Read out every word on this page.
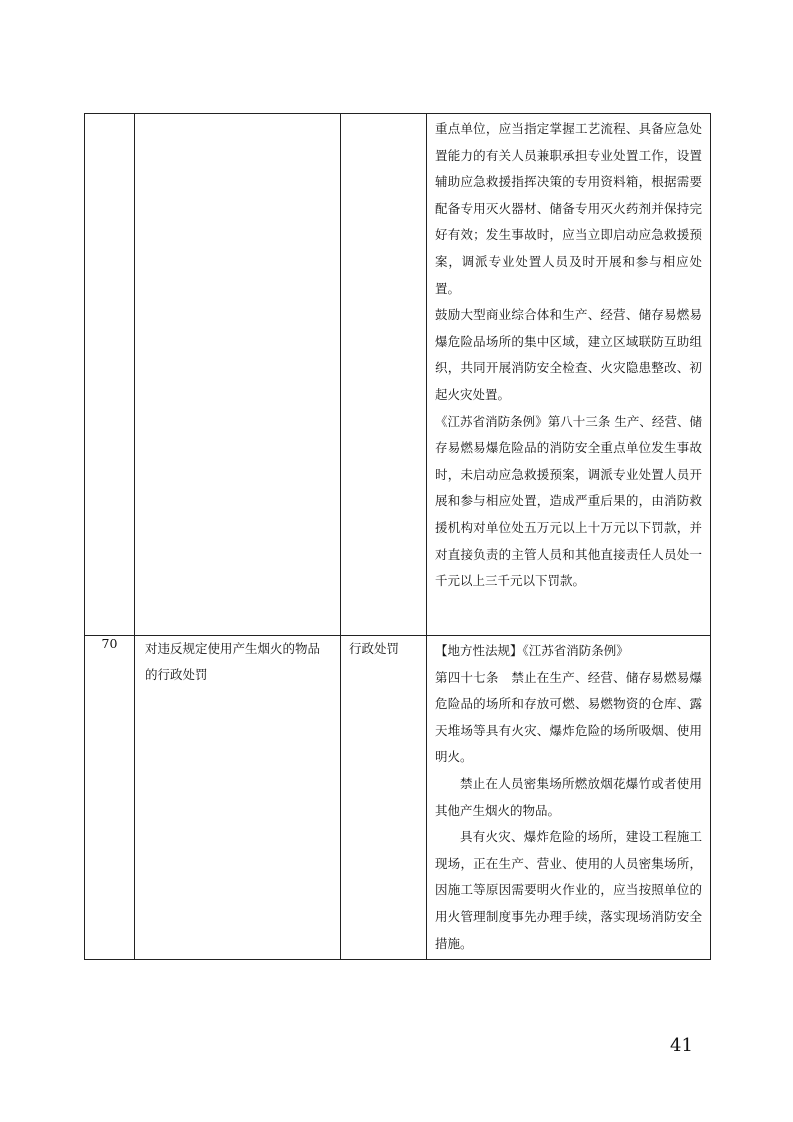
			重点单位，应当指定掌握工艺流程、具备应急处置能力的有关人员兼职承担专业处置工作，设置辅助应急救援指挥决策的专用资料箱，根据需要配备专用灭火器材、储备专用灭火药剂并保持完好有效；发生事故时，应当立即启动应急救援预案，调派专业处置人员及时开展和参与相应处置。

鼓励大型商业综合体和生产、经营、储存易燃易爆危险品场所的集中区域，建立区域联防互助组织，共同开展消防安全检查、火灾隐患整改、初起火灾处置。

《江苏省消防条例》第八十三条 生产、经营、储存易燃易爆危险品的消防安全重点单位发生事故时，未启动应急救援预案，调派专业处置人员开展和参与相应处置，造成严重后果的，由消防救援机构对单位处五万元以上十万元以下罚款，并对直接负责的主管人员和其他直接责任人员处一千元以上三千元以下罚款。

70	对违反规定使用产生烟火的物品的行政处罚	行政处罚	【地方性法规】《江苏省消防条例》

第四十七条　禁止在生产、经营、储存易燃易爆危险品的场所和存放可燃、易燃物资的仓库、露天堆场等具有火灾、爆炸危险的场所吸烟、使用明火。

禁止在人员密集场所燃放烟花爆竹或者使用其他产生烟火的物品。

具有火灾、爆炸危险的场所，建设工程施工现场，正在生产、营业、使用的人员密集场所，因施工等原因需要明火作业的，应当按照单位的用火管理制度事先办理手续，落实现场消防安全措施。

41
